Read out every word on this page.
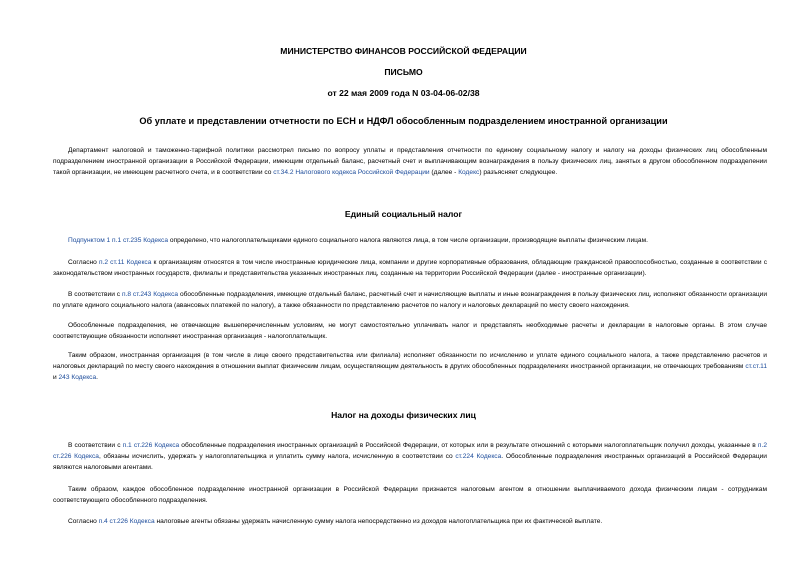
МИНИСТЕРСТВО ФИНАНСОВ РОССИЙСКОЙ ФЕДЕРАЦИИ
ПИСЬМО
от 22 мая 2009 года N 03-04-06-02/38
Об уплате и представлении отчетности по ЕСН и НДФЛ обособленным подразделением иностранной организации
Департамент налоговой и таможенно-тарифной политики рассмотрел письмо по вопросу уплаты и представления отчетности по единому социальному налогу и налогу на доходы физических лиц обособленным подразделением иностранной организации в Российской Федерации, имеющим отдельный баланс, расчетный счет и выплачивающим вознаграждения в пользу физических лиц, занятых в другом обособленном подразделении такой организации, не имеющем расчетного счета, и в соответствии со ст.34.2 Налогового кодекса Российской Федерации (далее - Кодекс) разъясняет следующее.
Единый социальный налог
Подпунктом 1 п.1 ст.235 Кодекса определено, что налогоплательщиками единого социального налога являются лица, в том числе организации, производящие выплаты физическим лицам.
Согласно п.2 ст.11 Кодекса к организациям относятся в том числе иностранные юридические лица, компании и другие корпоративные образования, обладающие гражданской правоспособностью, созданные в соответствии с законодательством иностранных государств, филиалы и представительства указанных иностранных лиц, созданные на территории Российской Федерации (далее - иностранные организации).
В соответствии с п.8 ст.243 Кодекса обособленные подразделения, имеющие отдельный баланс, расчетный счет и начисляющие выплаты и иные вознаграждения в пользу физических лиц, исполняют обязанности организации по уплате единого социального налога (авансовых платежей по налогу), а также обязанности по представлению расчетов по налогу и налоговых деклараций по месту своего нахождения.
Обособленные подразделения, не отвечающие вышеперечисленным условиям, не могут самостоятельно уплачивать налог и представлять необходимые расчеты и декларации в налоговые органы. В этом случае соответствующие обязанности исполняет иностранная организация - налогоплательщик.
Таким образом, иностранная организация (в том числе в лице своего представительства или филиала) исполняет обязанности по исчислению и уплате единого социального налога, а также представлению расчетов и налоговых деклараций по месту своего нахождения в отношении выплат физическим лицам, осуществляющим деятельность в других обособленных подразделениях иностранной организации, не отвечающих требованиям ст.ст.11 и 243 Кодекса.
Налог на доходы физических лиц
В соответствии с п.1 ст.226 Кодекса обособленные подразделения иностранных организаций в Российской Федерации, от которых или в результате отношений с которыми налогоплательщик получил доходы, указанные в п.2 ст.226 Кодекса, обязаны исчислить, удержать у налогоплательщика и уплатить сумму налога, исчисленную в соответствии со ст.224 Кодекса. Обособленные подразделения иностранных организаций в Российской Федерации являются налоговыми агентами.
Таким образом, каждое обособленное подразделение иностранной организации в Российской Федерации признается налоговым агентом в отношении выплачиваемого дохода физическим лицам - сотрудникам соответствующего обособленного подразделения.
Согласно п.4 ст.226 Кодекса налоговые агенты обязаны удержать начисленную сумму налога непосредственно из доходов налогоплательщика при их фактической выплате.
